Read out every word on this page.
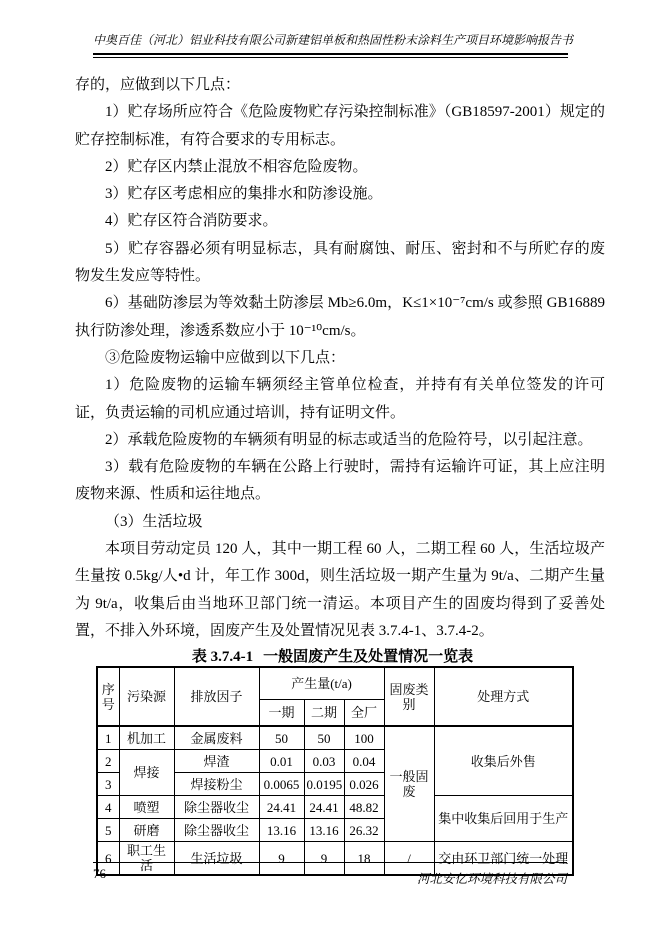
中奥百佳（河北）铝业科技有限公司新建铝单板和热固性粉末涂料生产项目环境影响报告书

存的，应做到以下几点：

1）贮存场所应符合《危险废物贮存污染控制标准》（GB18597-2001）规定的贮存控制标准，有符合要求的专用标志。

2）贮存区内禁止混放不相容危险废物。

3）贮存区考虑相应的集排水和防渗设施。

4）贮存区符合消防要求。

5）贮存容器必须有明显标志，具有耐腐蚀、耐压、密封和不与所贮存的废物发生发应等特性。

6）基础防渗层为等效黏土防渗层 Mb≥6.0m，K≤1×10⁻⁷cm/s 或参照 GB16889 执行防渗处理，渗透系数应小于 10⁻¹⁰cm/s。

③危险废物运输中应做到以下几点：

1）危险废物的运输车辆须经主管单位检查，并持有有关单位签发的许可证，负责运输的司机应通过培训，持有证明文件。

2）承载危险废物的车辆须有明显的标志或适当的危险符号，以引起注意。

3）载有危险废物的车辆在公路上行驶时，需持有运输许可证，其上应注明废物来源、性质和运往地点。

（3）生活垃圾

本项目劳动定员 120 人，其中一期工程 60 人，二期工程 60 人，生活垃圾产生量按 0.5kg/人•d 计，年工作 300d，则生活垃圾一期产生量为 9t/a、二期产生量为 9t/a，收集后由当地环卫部门统一清运。本项目产生的固废均得到了妥善处置，不排入外环境，固废产生及处置情况见表 3.7.4-1、3.7.4-2。

表 3.7.4-1 一般固废产生及处置情况一览表
序号	污染源	排放因子	产生量(t/a)			固废类别	处理方式
			一期	二期	全厂		
1	机加工	金属废料	50	50	100	一般固废	收集后外售
2	焊接	焊渣	0.01	0.03	0.04		
3		焊接粉尘	0.0065	0.0195	0.026		
4	喷塑	除尘器收尘	24.41	24.41	48.82		集中收集后回用于生产
5	研磨	除尘器收尘	13.16	13.16	26.32		
6	职工生活	生活垃圾	9	9	18	/	交由环卫部门统一处理
76	河北安亿环境科技有限公司
